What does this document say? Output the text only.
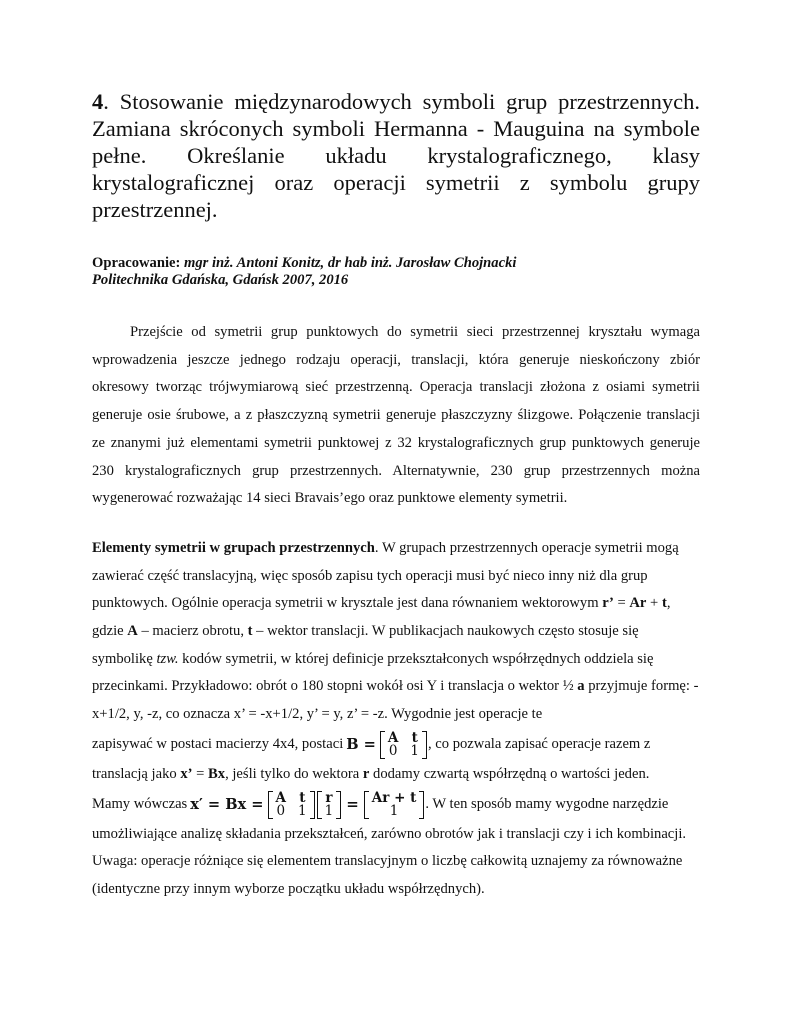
4. Stosowanie międzynarodowych symboli grup przestrzennych. Zamiana skróconych symboli Hermanna - Mauguina na symbole pełne. Określanie układu krystalograficznego, klasy krystalograficznej oraz operacji symetrii z symbolu grupy przestrzennej.

Opracowanie: mgr inż. Antoni Konitz, dr hab inż. Jarosław Chojnacki
Politechnika Gdańska, Gdańsk 2007, 2016

Przejście od symetrii grup punktowych do symetrii sieci przestrzennej kryształu wymaga wprowadzenia jeszcze jednego rodzaju operacji, translacji, która generuje nieskończony zbiór okresowy tworząc trójwymiarową sieć przestrzenną. Operacja translacji złożona z osiami symetrii generuje osie śrubowe, a z płaszczyzną symetrii generuje płaszczyzny ślizgowe. Połączenie translacji ze znanymi już elementami symetrii punktowej z 32 krystalograficznych grup punktowych generuje 230 krystalograficznych grup przestrzennych. Alternatywnie, 230 grup przestrzennych można wygenerować rozważając 14 sieci Bravais’ego oraz punktowe elementy symetrii.

Elementy symetrii w grupach przestrzennych. W grupach przestrzennych operacje symetrii mogą zawierać część translacyjną, więc sposób zapisu tych operacji musi być nieco inny niż dla grup punktowych. Ogólnie operacja symetrii w krysztale jest dana równaniem wektorowym r’ = Ar + t, gdzie A – macierz obrotu, t – wektor translacji. W publikacjach naukowych często stosuje się symbolikę tzw. kodów symetrii, w której definicje przekształconych współrzędnych oddziela się przecinkami. Przykładowo: obrót o 180 stopni wokół osi Y i translacja o wektor ½ a przyjmuje formę: -x+1/2, y, -z, co oznacza x’ = -x+1/2, y’ = y, z’ = -z. Wygodnie jest operacje te
zapisywać w postaci macierzy 4x4, postaci B = A t
0 1 , co pozwala zapisać operacje razem z
translacją jako x’ = Bx, jeśli tylko do wektora r dodamy czwartą współrzędną o wartości jeden.
Mamy wówczas x′ = Bx = A t
0 1
r
1 = Ar + t
1 . W ten sposób mamy wygodne narzędzie
umożliwiające analizę składania przekształceń, zarówno obrotów jak i translacji czy i ich kombinacji. Uwaga: operacje różniące się elementem translacyjnym o liczbę całkowitą uznajemy za równoważne (identyczne przy innym wyborze początku układu współrzędnych).
